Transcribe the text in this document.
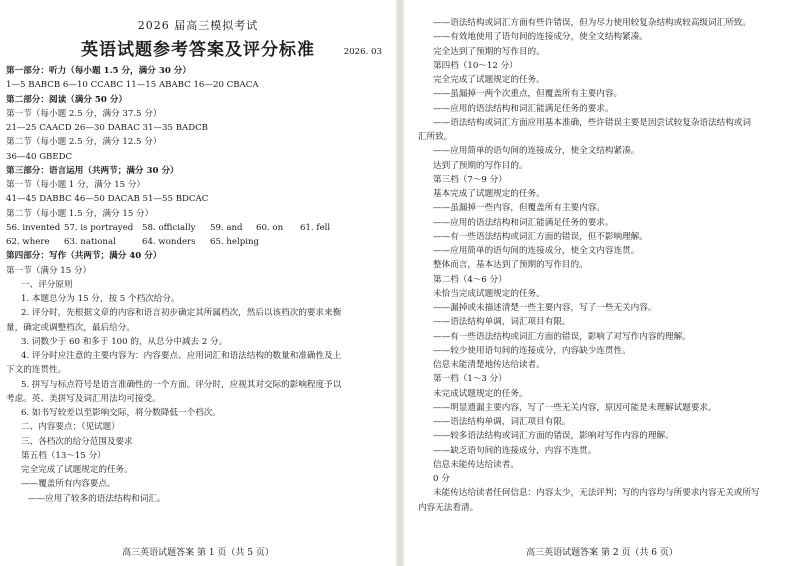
2026 届高三模拟考试
英语试题参考答案及评分标准	2026. 03
第一部分：听力（每小题 1.5 分，满分 30 分）
1—5 BABCB 6—10 CCABC 11—15 ABABC 16—20 CBACA
第二部分：阅读（满分 50 分）
第一节（每小题 2.5 分，满分 37.5 分）
21—25 CAACD 26—30 DABAC 31—35 BADCB
第二节（每小题 2.5 分，满分 12.5 分）
36—40 GBEDC
第三部分：语言运用（共两节；满分 30 分）
第一节（每小题 1 分，满分 15 分）
41—45 DABBC 46—50 DACAB 51—55 BDCAC
第二节（每小题 1.5 分，满分 15 分）
56. invented 57. is portrayed 58. officially 59. and 60. on 61. fell
62. where 63. national	64. wonders 65. helping
第四部分：写作（共两节；满分 40 分）
第一节（满分 15 分）
一、评分原则
1. 本题总分为 15 分，按 5 个档次给分。
2. 评分时，先根据文章的内容和语言初步确定其所属档次，然后以该档次的要求来衡
量，确定或调整档次，最后给分。
3. 词数少于 60 和多于 100 的，从总分中减去 2 分。
4. 评分时应注意的主要内容为：内容要点、应用词汇和语法结构的数量和准确性及上
下文的连贯性。
5. 拼写与标点符号是语言准确性的一个方面。评分时，应视其对交际的影响程度予以
考虑。英、美拼写及词汇用法均可接受。
6. 如书写较差以至影响交际，将分数降低一个档次。
二、内容要点：（见试题）
三、各档次的给分范围及要求
第五档（13～15 分）
完全完成了试题规定的任务。
——覆盖所有内容要点。
——应用了较多的语法结构和词汇。
高三英语试题答案 第 1 页（共 5 页）
——语法结构或词汇方面有些许错误，但为尽力使用较复杂结构或较高级词汇所致。
——有效地使用了语句间的连接成分，使全文结构紧凑。
完全达到了预期的写作目的。
第四档（10～12 分）
完全完成了试题规定的任务。
——虽漏掉一两个次重点，但覆盖所有主要内容。
——应用的语法结构和词汇能满足任务的要求。
——语法结构或词汇方面应用基本准确，些许错误主要是因尝试较复杂语法结构或词
汇所致。
——应用简单的语句间的连接成分，使全文结构紧凑。
达到了预期的写作目的。
第三档（7～9 分）
基本完成了试题规定的任务。
——虽漏掉一些内容，但覆盖所有主要内容。
——应用的语法结构和词汇能满足任务的要求。
——有一些语法结构或词汇方面的错误，但不影响理解。
——应用简单的语句间的连接成分，使全文内容连贯。
整体而言，基本达到了预期的写作目的。
第二档（4～6 分）
未恰当完成试题规定的任务。
——漏掉或未描述清楚一些主要内容，写了一些无关内容。
——语法结构单调，词汇项目有限。
——有一些语法结构或词汇方面的错误，影响了对写作内容的理解。
——较少使用语句间的连接成分，内容缺少连贯性。
信息未能清楚地传达给读者。
第一档（1～3 分）
未完成试题规定的任务。
——明显遗漏主要内容，写了一些无关内容，原因可能是未理解试题要求。
——语法结构单调，词汇项目有限。
——较多语法结构或词汇方面的错误，影响对写作内容的理解。
——缺乏语句间的连接成分，内容不连贯。
信息未能传达给读者。
0 分
未能传达给读者任何信息：内容太少，无法评判；写的内容均与所要求内容无关或所写
内容无法看清。
高三英语试题答案 第 2 页（共 6 页）
